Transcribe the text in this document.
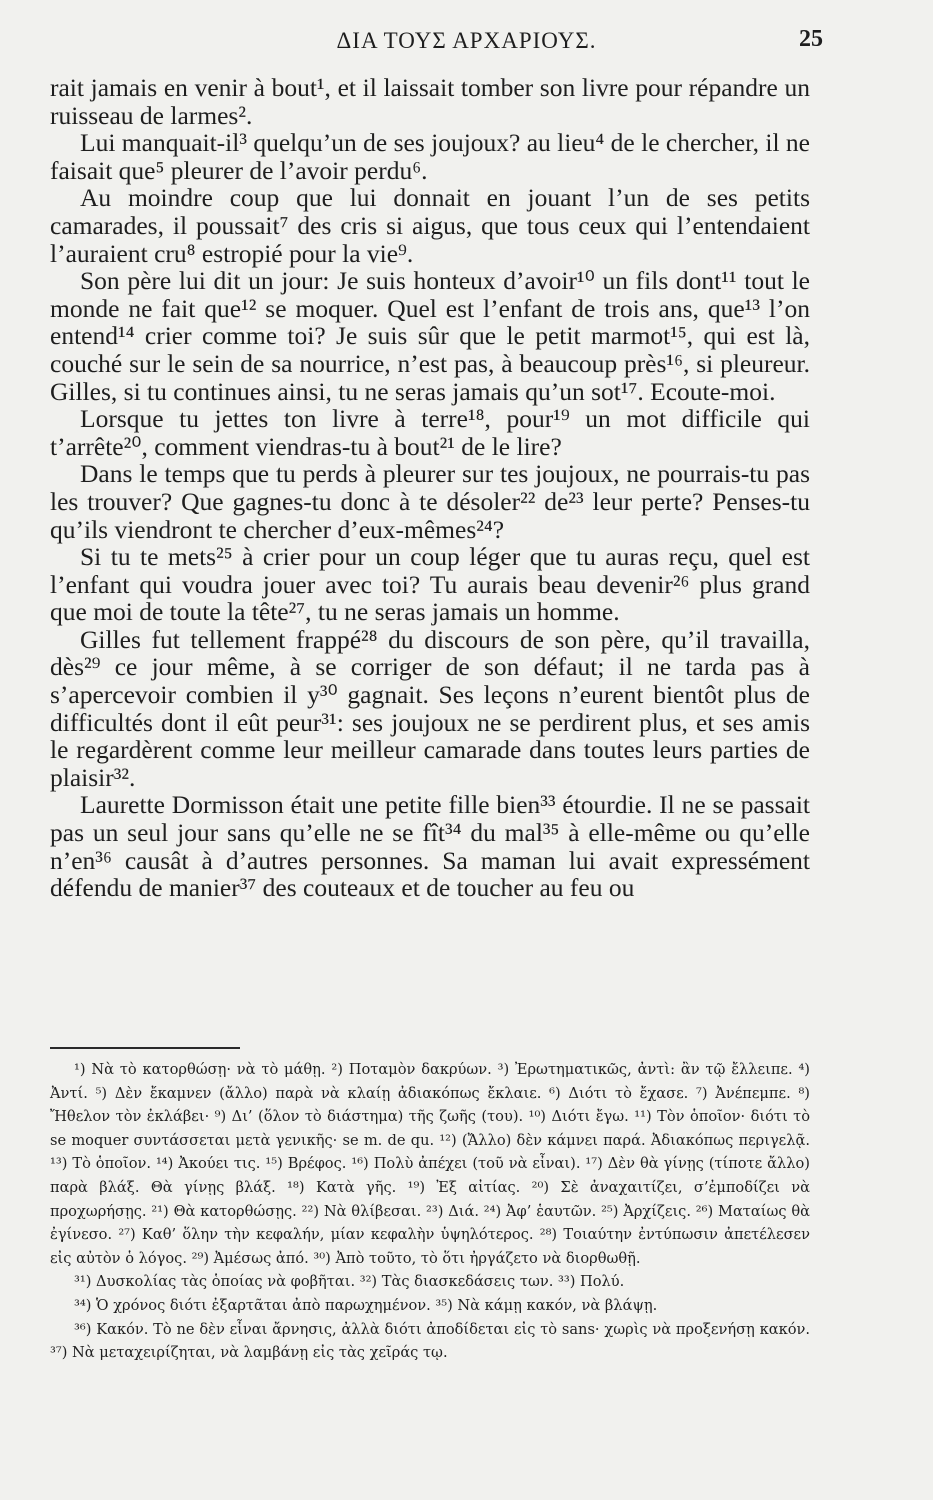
ΔΙΑ ΤΟΥΣ ΑΡΧΑΡΙΟΥΣ.	25

rait jamais en venir à bout¹, et il laissait tomber son livre pour répandre un ruisseau de larmes².

Lui manquait-il³ quelqu’un de ses joujoux? au lieu⁴ de le chercher, il ne faisait que⁵ pleurer de l’avoir perdu⁶.

Au moindre coup que lui donnait en jouant l’un de ses petits camarades, il poussait⁷ des cris si aigus, que tous ceux qui l’entendaient l’auraient cru⁸ estropié pour la vie⁹.

Son père lui dit un jour: Je suis honteux d’avoir¹⁰ un fils dont¹¹ tout le monde ne fait que¹² se moquer. Quel est l’enfant de trois ans, que¹³ l’on entend¹⁴ crier comme toi? Je suis sûr que le petit marmot¹⁵, qui est là, couché sur le sein de sa nourrice, n’est pas, à beaucoup près¹⁶, si pleureur. Gilles, si tu continues ainsi, tu ne seras jamais qu’un sot¹⁷. Ecoute-moi.

Lorsque tu jettes ton livre à terre¹⁸, pour¹⁹ un mot difficile qui t’arrête²⁰, comment viendras-tu à bout²¹ de le lire?

Dans le temps que tu perds à pleurer sur tes joujoux, ne pourrais-tu pas les trouver? Que gagnes-tu donc à te désoler²² de²³ leur perte? Penses-tu qu’ils viendront te chercher d’eux-mêmes²⁴?

Si tu te mets²⁵ à crier pour un coup léger que tu auras reçu, quel est l’enfant qui voudra jouer avec toi? Tu aurais beau devenir²⁶ plus grand que moi de toute la tête²⁷, tu ne seras jamais un homme.

Gilles fut tellement frappé²⁸ du discours de son père, qu’il travailla, dès²⁹ ce jour même, à se corriger de son défaut; il ne tarda pas à s’apercevoir combien il y³⁰ gagnait. Ses leçons n’eurent bientôt plus de difficultés dont il eût peur³¹: ses joujoux ne se perdirent plus, et ses amis le regardèrent comme leur meilleur camarade dans toutes leurs parties de plaisir³².

Laurette Dormisson était une petite fille bien³³ étourdie. Il ne se passait pas un seul jour sans qu’elle ne se fît³⁴ du mal³⁵ à elle-même ou qu’elle n’en³⁶ causât à d’autres personnes. Sa maman lui avait expressément défendu de manier³⁷ des couteaux et de toucher au feu ou

¹) Νὰ τὸ κατορθώσῃ· νὰ τὸ μάθῃ. ²) Ποταμὸν δακρύων. ³) Ἐρωτηματικῶς, ἀντὶ: ἂν τῷ ἔλλειπε. ⁴) Ἀντί. ⁵) Δὲν ἔκαμνεν (ἄλλο) παρὰ νὰ κλαίῃ ἀδιακόπως ἔκλαιε. ⁶) Διότι τὸ ἔχασε. ⁷) Ἀνέπεμπε. ⁸) Ἤθελον τὸν ἐκλάβει· ⁹) Δι’ (ὅλον τὸ διάστημα) τῆς ζωῆς (του). ¹⁰) Διότι ἔγω. ¹¹) Τὸν ὁποῖον· διότι τὸ se moquer συντάσσεται μετὰ γενικῆς· se m. de qu. ¹²) (Ἄλλο) δὲν κάμνει παρά. Ἀδιακόπως περιγελᾷ. ¹³) Τὸ ὁποῖον. ¹⁴) Ἀκούει τις. ¹⁵) Βρέφος. ¹⁶) Πολὺ ἀπέχει (τοῦ νὰ εἶναι). ¹⁷) Δὲν θὰ γίνῃς (τίποτε ἄλλο) παρὰ βλάξ. Θὰ γίνῃς βλάξ. ¹⁸) Κατὰ γῆς. ¹⁹) Ἐξ αἰτίας. ²⁰) Σὲ ἀναχαιτίζει, σ’ἐμποδίζει νὰ προχωρήσῃς. ²¹) Θὰ κατορθώσῃς. ²²) Νὰ θλίβεσαι. ²³) Διά. ²⁴) Ἀφ’ ἑαυτῶν. ²⁵) Ἀρχίζεις. ²⁶) Ματαίως θὰ ἐγίνεσο. ²⁷) Καθ’ ὅλην τὴν κεφαλήν, μίαν κεφαλὴν ὑψηλότερος. ²⁸) Τοιαύτην ἐντύπωσιν ἀπετέλεσεν εἰς αὐτὸν ὁ λόγος. ²⁹) Ἀμέσως ἀπό. ³⁰) Ἀπὸ τοῦτο, τὸ ὅτι ἠργάζετο νὰ διορθωθῇ.

³¹) Δυσκολίας τὰς ὁποίας νὰ φοβῆται. ³²) Τὰς διασκεδάσεις των. ³³) Πολύ.

³⁴) Ὁ χρόνος διότι ἐξαρτᾶται ἀπὸ παρωχημένον. ³⁵) Νὰ κάμῃ κακόν, νὰ βλάψῃ.

³⁶) Κακόν. Τὸ ne δὲν εἶναι ἄρνησις, ἀλλὰ διότι ἀποδίδεται εἰς τὸ sans· χωρὶς νὰ προξενήσῃ κακόν. ³⁷) Νὰ μεταχειρίζηται, νὰ λαμβάνῃ εἰς τὰς χεῖράς τῳ.
